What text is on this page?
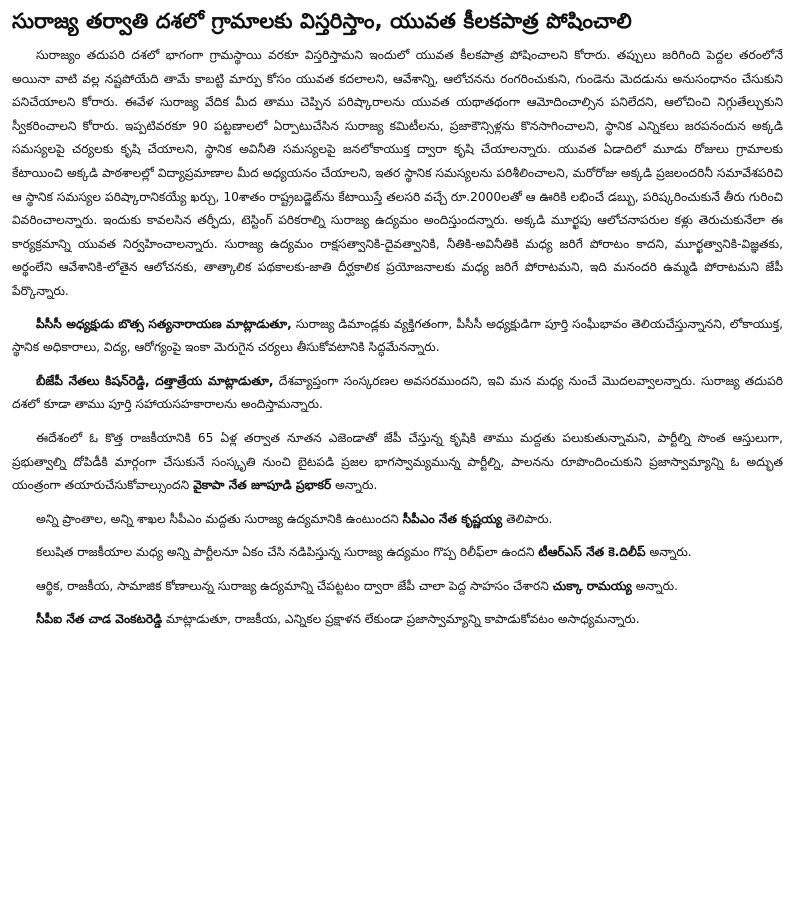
సురాజ్య తర్వాతి దశలో గ్రామాలకు విస్తరిస్తాం, యువత కీలకపాత్ర పోషించాలి

సురాజ్యం తదుపరి దశలో భాగంగా గ్రామస్థాయి వరకూ విస్తరిస్తామని ఇందులో యువత కీలకపాత్ర పోషించాలని కోరారు. తప్పులు జరిగింది పెద్దల తరంలోనే అయినా వాటి వల్ల నష్టపోయేది తామే కాబట్టి మార్పు కోసం యువత కదలాలని, ఆవేశాన్ని, ఆలోచనను రంగరించుకుని, గుండెను మెదడును అనుసంధానం చేసుకుని పనిచేయాలని కోరారు. ఈవేళ సురాజ్య వేదిక మీద తాము చెప్పిన పరిష్కారాలను యువత యథాతథంగా ఆమోదించాల్సిన పనిలేదని, ఆలోచించి నిగ్గుతేల్చుకుని స్వీకరించాలని కోరారు. ఇప్పటివరకూ 90 పట్టణాలలో ఏర్పాటుచేసిన సురాజ్య కమిటీలను, ప్రజాకౌన్సిళ్లను కొనసాగించాలని, స్థానిక ఎన్నికలు జరపనందున అక్కడి సమస్యలపై చర్యలకు కృషి చేయాలని, స్థానిక అవినీతి సమస్యలపై జనలోకాయుక్త ద్వారా కృషి చేయాలన్నారు. యువత ఏడాదిలో మూడు రోజులు గ్రామాలకు కేటాయించి అక్కడి పాఠశాలల్లో విద్యాప్రమాణాల మీద అధ్యయనం చేయాలని, ఇతర స్థానిక సమస్యలను పరిశీలించాలని, మరోరోజు అక్కడి ప్రజలందరినీ సమావేశపరిచి ఆ స్థానిక సమస్యల పరిష్కారానికయ్యే ఖర్చు, 10శాతం రాష్ట్రబడ్జెట్‌ను కేటాయిస్తే తలసరి వచ్చే రూ.2000లతో ఆ ఊరికి లభించే డబ్బు, పరిష్కరించుకునే తీరు గురించి వివరించాలన్నారు. ఇందుకు కావలసిన తర్ఫీదు, టెస్టింగ్ పరికరాల్ని సురాజ్య ఉద్యమం అందిస్తుందన్నారు. అక్కడి మూర్ఖపు ఆలోచనాపరుల కళ్లు తెరుచుకునేలా ఈ కార్యక్రమాన్ని యువత నిర్వహించాలన్నారు. సురాజ్య ఉద్యమం రాక్షసత్వానికి-దైవత్వానికి, నీతికి-అవినీతికి మధ్య జరిగే పోరాటం కాదని, మూర్ఖత్వానికి-విజ్ఞతకు, అర్థంలేని ఆవేశానికి-లోతైన ఆలోచనకు, తాత్కాలిక పథకాలకు-జాతి దీర్ఘకాలిక ప్రయోజనాలకు మధ్య జరిగే పోరాటమని, ఇది మనందరి ఉమ్మడి పోరాటమని జేపీ పేర్కొన్నారు.

పీసీసీ అధ్యక్షుడు బొత్స సత్యనారాయణ మాట్లాడుతూ, సురాజ్య డిమాండ్లకు వ్యక్తిగతంగా, పీసీసీ అధ్యక్షుడిగా పూర్తి సంఘీభావం తెలియచేస్తున్నానని, లోకాయుక్త, స్థానిక అధికారాలు, విద్య, ఆరోగ్యంపై ఇంకా మెరుగైన చర్యలు తీసుకోవటానికి సిద్ధమేనన్నారు.

బీజేపీ నేతలు కిషన్‌రెడ్డి, దత్తాత్రేయ మాట్లాడుతూ, దేశవ్యాప్తంగా సంస్కరణల అవసరముందని, ఇవి మన మధ్య నుంచే మొదలవ్వాలన్నారు. సురాజ్య తదుపరి దశలో కూడా తాము పూర్తి సహాయసహకారాలను అందిస్తామన్నారు.

ఈదేశంలో ఓ కొత్త రాజకీయానికి 65 ఏళ్ల తర్వాత నూతన ఎజెండాతో జేపీ చేస్తున్న కృషికి తాము మద్దతు పలుకుతున్నామని, పార్టీల్ని సొంత ఆస్తులుగా, ప్రభుత్వాల్ని దోపిడీకి మార్గంగా చేసుకునే సంస్కృతి నుంచి బైటపడి ప్రజల భాగస్వామ్యమున్న పార్టీల్ని, పాలనను రూపొందించుకుని ప్రజాస్వామ్యాన్ని ఓ అద్భుత యంత్రంగా తయారుచేసుకోవాల్సుందని వైకాపా నేత జూపూడి ప్రభాకర్ అన్నారు.

అన్ని ప్రాంతాల, అన్ని శాఖల సీపీఎం మద్దతు సురాజ్య ఉద్యమానికి ఉంటుందని సీపీఎం నేత కృష్ణయ్య తెలిపారు.

కలుషిత రాజకీయాల మధ్య అన్ని పార్టీలనూ ఏకం చేసి నడిపిస్తున్న సురాజ్య ఉద్యమం గొప్ప రిలీఫ్‌లా ఉందని టీఆర్‌ఎస్ నేత కె.దిలీప్ అన్నారు.

ఆర్థిక, రాజకీయ, సామాజిక కోణాలున్న సురాజ్య ఉద్యమాన్ని చేపట్టటం ద్వారా జేపీ చాలా పెద్ద సాహసం చేశారని చుక్కా రామయ్య అన్నారు.

సీపీఐ నేత చాడ వెంకటరెడ్డి మాట్లాడుతూ, రాజకీయ, ఎన్నికల ప్రక్షాళన లేకుండా ప్రజాస్వామ్యాన్ని కాపాడుకోవటం అసాధ్యమన్నారు.
